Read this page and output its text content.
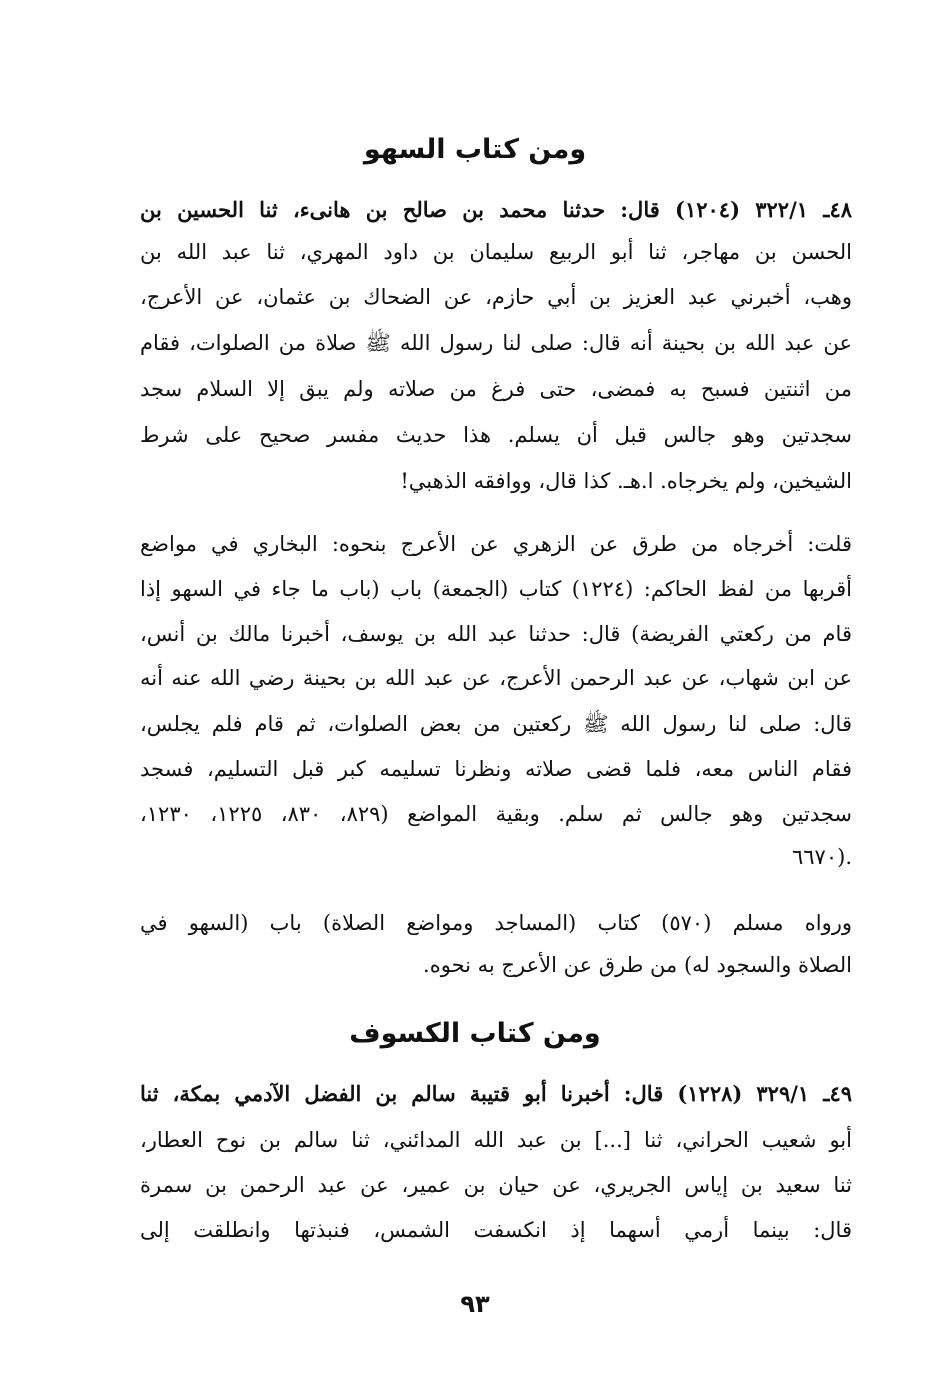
ومن كتاب السهو

٤٨ـ ٣٢٢/١ (١٢٠٤) قال: حدثنا محمد بن صالح بن هانىء، ثنا الحسين بن

الحسن بن مهاجر، ثنا أبو الربيع سليمان بن داود المهري، ثنا عبد الله بن

وهب، أخبرني عبد العزيز بن أبي حازم، عن الضحاك بن عثمان، عن الأعرج،

عن عبد الله بن بحينة أنه قال: صلى لنا رسول الله ﷺ صلاة من الصلوات، فقام

من اثنتين فسبح به فمضى، حتى فرغ من صلاته ولم يبق إلا السلام سجد

سجدتين وهو جالس قبل أن يسلم. هذا حديث مفسر صحيح على شرط

الشيخين، ولم يخرجاه. ا.هـ. كذا قال، ووافقه الذهبي!

قلت: أخرجاه من طرق عن الزهري عن الأعرج بنحوه: البخاري في مواضع

أقربها من لفظ الحاكم: (١٢٢٤) كتاب (الجمعة) باب (باب ما جاء في السهو إذا

قام من ركعتي الفريضة) قال: حدثنا عبد الله بن يوسف، أخبرنا مالك بن أنس،

عن ابن شهاب، عن عبد الرحمن الأعرج، عن عبد الله بن بحينة رضي الله عنه أنه

قال: صلى لنا رسول الله ﷺ ركعتين من بعض الصلوات، ثم قام فلم يجلس،

فقام الناس معه، فلما قضى صلاته ونظرنا تسليمه كبر قبل التسليم، فسجد

سجدتين وهو جالس ثم سلم. وبقية المواضع (٨٢٩، ٨٣٠، ١٢٢٥، ١٢٣٠،

٦٦٧٠).

ورواه مسلم (٥٧٠) كتاب (المساجد ومواضع الصلاة) باب (السهو في

الصلاة والسجود له) من طرق عن الأعرج به نحوه.

ومن كتاب الكسوف

٤٩ـ ٣٢٩/١ (١٢٢٨) قال: أخبرنا أبو قتيبة سالم بن الفضل الآدمي بمكة، ثنا

أبو شعيب الحراني، ثنا [...] بن عبد الله المدائني، ثنا سالم بن نوح العطار،

ثنا سعيد بن إياس الجريري، عن حيان بن عمير، عن عبد الرحمن بن سمرة

قال: بينما أرمي أسهما إذ انكسفت الشمس، فنبذتها وانطلقت إلى

٩٣
